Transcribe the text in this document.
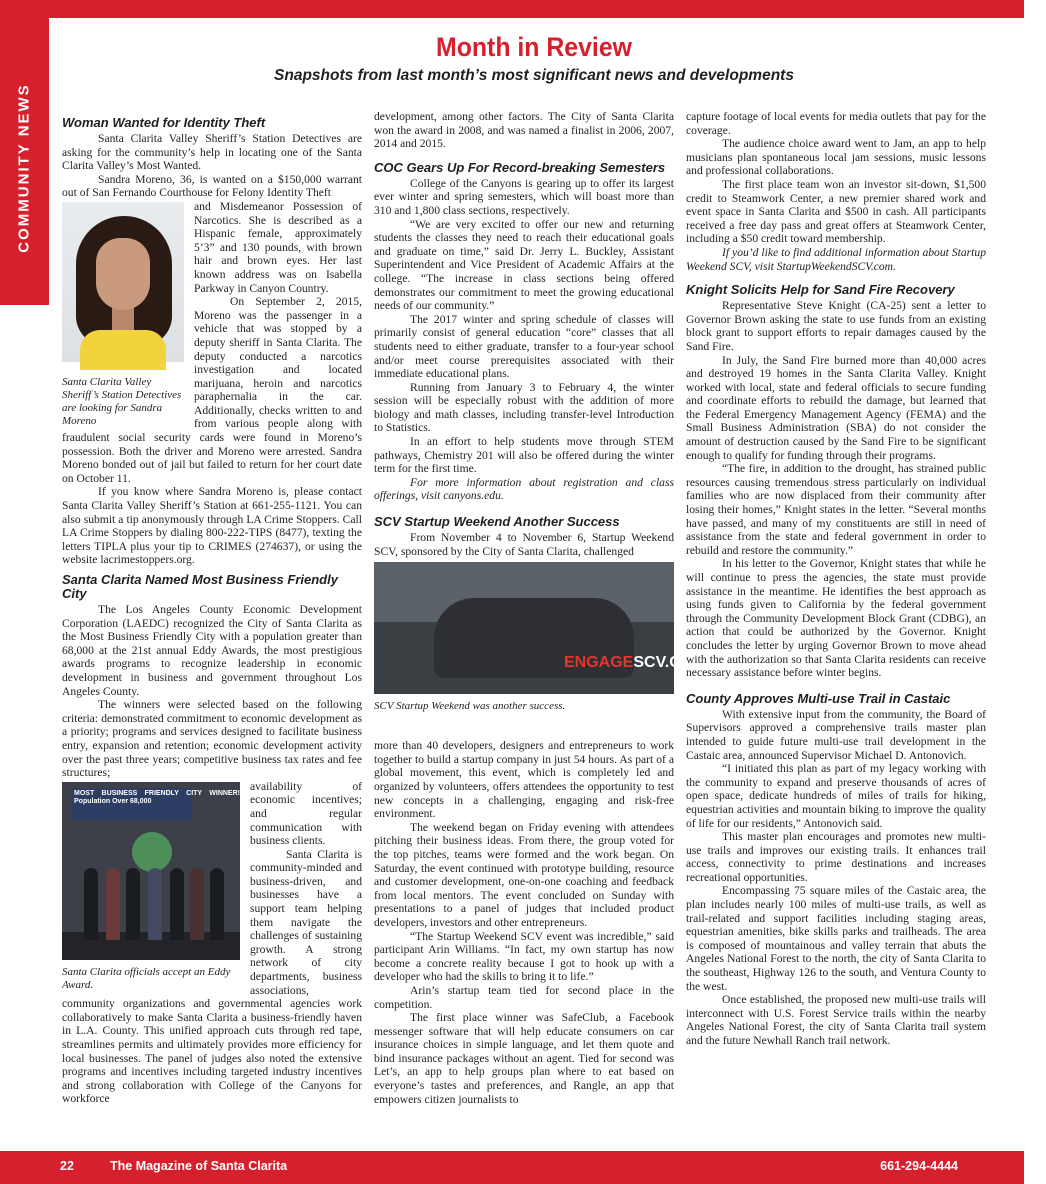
COMMUNITY NEWS
Month in Review
Snapshots from last month’s most significant news and developments
Woman Wanted for Identity Theft

Santa Clarita Valley Sheriff’s Station Detectives are asking for the community’s help in locating one of the Santa Clarita Valley’s Most Wanted.

Sandra Moreno, 36, is wanted on a $150,000 warrant out of San Fernando Courthouse for Felony Identity Theft

Santa Clarita Valley Sheriff’s Station Detectives are looking for Sandra Moreno

and Misdemeanor Possession of Narcotics. She is described as a Hispanic female, approximately 5’3” and 130 pounds, with brown hair and brown eyes. Her last known address was on Isabella Parkway in Canyon Country.

On September 2, 2015, Moreno was the passenger in a vehicle that was stopped by a deputy sheriff in Santa Clarita. The deputy conducted a narcotics investigation and located marijuana, heroin and narcotics paraphernalia in the car. Additionally, checks written to and from various people along with fraudulent social security cards were found in Moreno’s possession. Both the driver and Moreno were arrested. Sandra Moreno bonded out of jail but failed to return for her court date on October 11.

If you know where Sandra Moreno is, please contact Santa Clarita Valley Sheriff’s Station at 661-255-1121. You can also submit a tip anonymously through LA Crime Stoppers. Call LA Crime Stoppers by dialing 800-222-TIPS (8477), texting the letters TIPLA plus your tip to CRIMES (274637), or using the website lacrimestoppers.org.

Santa Clarita Named Most Business Friendly City

The Los Angeles County Economic Development Corporation (LAEDC) recognized the City of Santa Clarita as the Most Business Friendly City with a population greater than 68,000 at the 21st annual Eddy Awards, the most prestigious awards programs to recognize leadership in economic development in business and government throughout Los Angeles County.

The winners were selected based on the following criteria: demonstrated commitment to economic development as a priority; programs and services designed to facilitate business entry, expansion and retention; economic development activity over the past three years; competitive business tax rates and fee structures;

MOST BUSINESS FRIENDLY CITY WINNER! Population Over 68,000
Santa Clarita officials accept an Eddy Award.

availability of economic incentives; and regular communication with business clients.

Santa Clarita is community-minded and business-driven, and businesses have a support team helping them navigate the challenges of sustaining growth. A strong network of city departments, business associations, community organizations and governmental agencies work collaboratively to make Santa Clarita a business-friendly haven in L.A. County. This unified approach cuts through red tape, streamlines permits and ultimately provides more efficiency for local businesses. The panel of judges also noted the extensive programs and incentives including targeted industry incentives and strong collaboration with College of the Canyons for workforce

development, among other factors. The City of Santa Clarita won the award in 2008, and was named a finalist in 2006, 2007, 2014 and 2015.

COC Gears Up For Record-breaking Semesters

College of the Canyons is gearing up to offer its largest ever winter and spring semesters, which will boast more than 310 and 1,800 class sections, respectively.

“We are very excited to offer our new and returning students the classes they need to reach their educational goals and graduate on time,” said Dr. Jerry L. Buckley, Assistant Superintendent and Vice President of Academic Affairs at the college. “The increase in class sections being offered demonstrates our commitment to meet the growing educational needs of our community.”

The 2017 winter and spring schedule of classes will primarily consist of general education “core” classes that all students need to either graduate, transfer to a four-year school and/or meet course prerequisites associated with their immediate educational plans.

Running from January 3 to February 4, the winter session will be especially robust with the addition of more biology and math classes, including transfer-level Introduction to Statistics.

In an effort to help students move through STEM pathways, Chemistry 201 will also be offered during the winter term for the first time.

For more information about registration and class offerings, visit canyons.edu.

SCV Startup Weekend Another Success

From November 4 to November 6, Startup Weekend SCV, sponsored by the City of Santa Clarita, challenged

ENGAGESCV.COM
SCV Startup Weekend was another success.

more than 40 developers, designers and entrepreneurs to work together to build a startup company in just 54 hours. As part of a global movement, this event, which is completely led and organized by volunteers, offers attendees the opportunity to test new concepts in a challenging, engaging and risk-free environment.

The weekend began on Friday evening with attendees pitching their business ideas. From there, the group voted for the top pitches, teams were formed and the work began. On Saturday, the event continued with prototype building, resource and customer development, one-on-one coaching and feedback from local mentors. The event concluded on Sunday with presentations to a panel of judges that included product developers, investors and other entrepreneurs.

“The Startup Weekend SCV event was incredible,” said participant Arin Williams. “In fact, my own startup has now become a concrete reality because I got to hook up with a developer who had the skills to bring it to life.”

Arin’s startup team tied for second place in the competition.

The first place winner was SafeClub, a Facebook messenger software that will help educate consumers on car insurance choices in simple language, and let them quote and bind insurance packages without an agent. Tied for second was Let’s, an app to help groups plan where to eat based on everyone’s tastes and preferences, and Rangle, an app that empowers citizen journalists to

capture footage of local events for media outlets that pay for the coverage.

The audience choice award went to Jam, an app to help musicians plan spontaneous local jam sessions, music lessons and professional collaborations.

The first place team won an investor sit-down, $1,500 credit to Steamwork Center, a new premier shared work and event space in Santa Clarita and $500 in cash. All participants received a free day pass and great offers at Steamwork Center, including a $50 credit toward membership.

If you’d like to find additional information about Startup Weekend SCV, visit StartupWeekendSCV.com.

Knight Solicits Help for Sand Fire Recovery

Representative Steve Knight (CA-25) sent a letter to Governor Brown asking the state to use funds from an existing block grant to support efforts to repair damages caused by the Sand Fire.

In July, the Sand Fire burned more than 40,000 acres and destroyed 19 homes in the Santa Clarita Valley. Knight worked with local, state and federal officials to secure funding and coordinate efforts to rebuild the damage, but learned that the Federal Emergency Management Agency (FEMA) and the Small Business Administration (SBA) do not consider the amount of destruction caused by the Sand Fire to be significant enough to qualify for funding through their programs.

“The fire, in addition to the drought, has strained public resources causing tremendous stress particularly on individual families who are now displaced from their community after losing their homes,” Knight states in the letter. “Several months have passed, and many of my constituents are still in need of assistance from the state and federal government in order to rebuild and restore the community.”

In his letter to the Governor, Knight states that while he will continue to press the agencies, the state must provide assistance in the meantime. He identifies the best approach as using funds given to California by the federal government through the Community Development Block Grant (CDBG), an action that could be authorized by the Governor. Knight concludes the letter by urging Governor Brown to move ahead with the authorization so that Santa Clarita residents can receive necessary assistance before winter begins.

County Approves Multi-use Trail in Castaic

With extensive input from the community, the Board of Supervisors approved a comprehensive trails master plan intended to guide future multi-use trail development in the Castaic area, announced Supervisor Michael D. Antonovich.

“I initiated this plan as part of my legacy working with the community to expand and preserve thousands of acres of open space, dedicate hundreds of miles of trails for hiking, equestrian activities and mountain biking to improve the quality of life for our residents,” Antonovich said.

This master plan encourages and promotes new multi-use trails and improves our existing trails. It enhances trail access, connectivity to prime destinations and increases recreational opportunities.

Encompassing 75 square miles of the Castaic area, the plan includes nearly 100 miles of multi-use trails, as well as trail-related and support facilities including staging areas, equestrian amenities, bike skills parks and trailheads. The area is composed of mountainous and valley terrain that abuts the Angeles National Forest to the north, the city of Santa Clarita to the southeast, Highway 126 to the south, and Ventura County to the west.

Once established, the proposed new multi-use trails will interconnect with U.S. Forest Service trails within the nearby Angeles National Forest, the city of Santa Clarita trail system and the future Newhall Ranch trail network.

22	The Magazine of Santa Clarita	661-294-4444
